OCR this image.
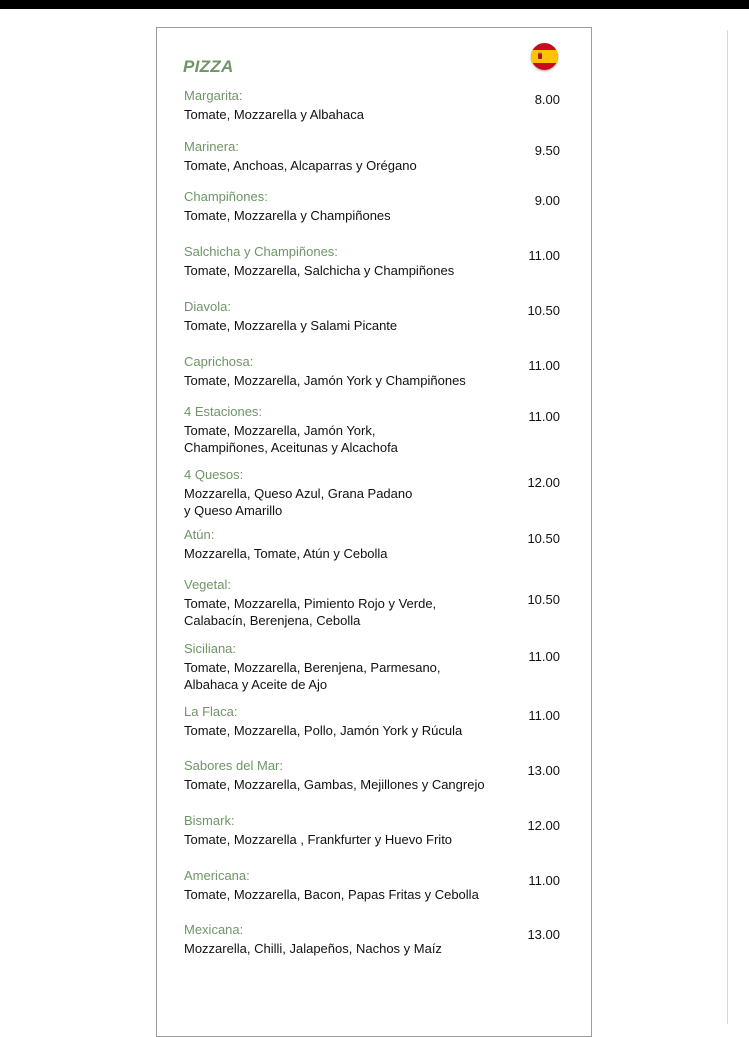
PIZZA
Margarita:
Tomate, Mozzarella y Albahaca
8.00
Marinera:
Tomate, Anchoas, Alcaparras y Orégano
9.50
Champiñones:
Tomate, Mozzarella y Champiñones
9.00
Salchicha y Champiñones:
Tomate, Mozzarella, Salchicha y Champiñones
11.00
Diavola:
Tomate, Mozzarella y Salami Picante
10.50
Caprichosa:
Tomate, Mozzarella, Jamón York y Champiñones
11.00
4 Estaciones:
Tomate, Mozzarella, Jamón York,
Champiñones, Aceitunas y Alcachofa
11.00
4 Quesos:
Mozzarella, Queso Azul, Grana Padano
y Queso Amarillo
12.00
Atún:
Mozzarella, Tomate, Atún y Cebolla
10.50
Vegetal:
Tomate, Mozzarella, Pimiento Rojo y Verde,
Calabacín, Berenjena, Cebolla
10.50
Siciliana:
Tomate, Mozzarella, Berenjena, Parmesano,
Albahaca y Aceite de Ajo
11.00
La Flaca:
Tomate, Mozzarella, Pollo, Jamón York y Rúcula
11.00
Sabores del Mar:
Tomate, Mozzarella, Gambas, Mejillones y Cangrejo
13.00
Bismark:
Tomate, Mozzarella , Frankfurter y Huevo Frito
12.00
Americana:
Tomate, Mozzarella, Bacon, Papas Fritas y Cebolla
11.00
Mexicana:
Mozzarella, Chilli, Jalapeños, Nachos y Maíz
13.00
